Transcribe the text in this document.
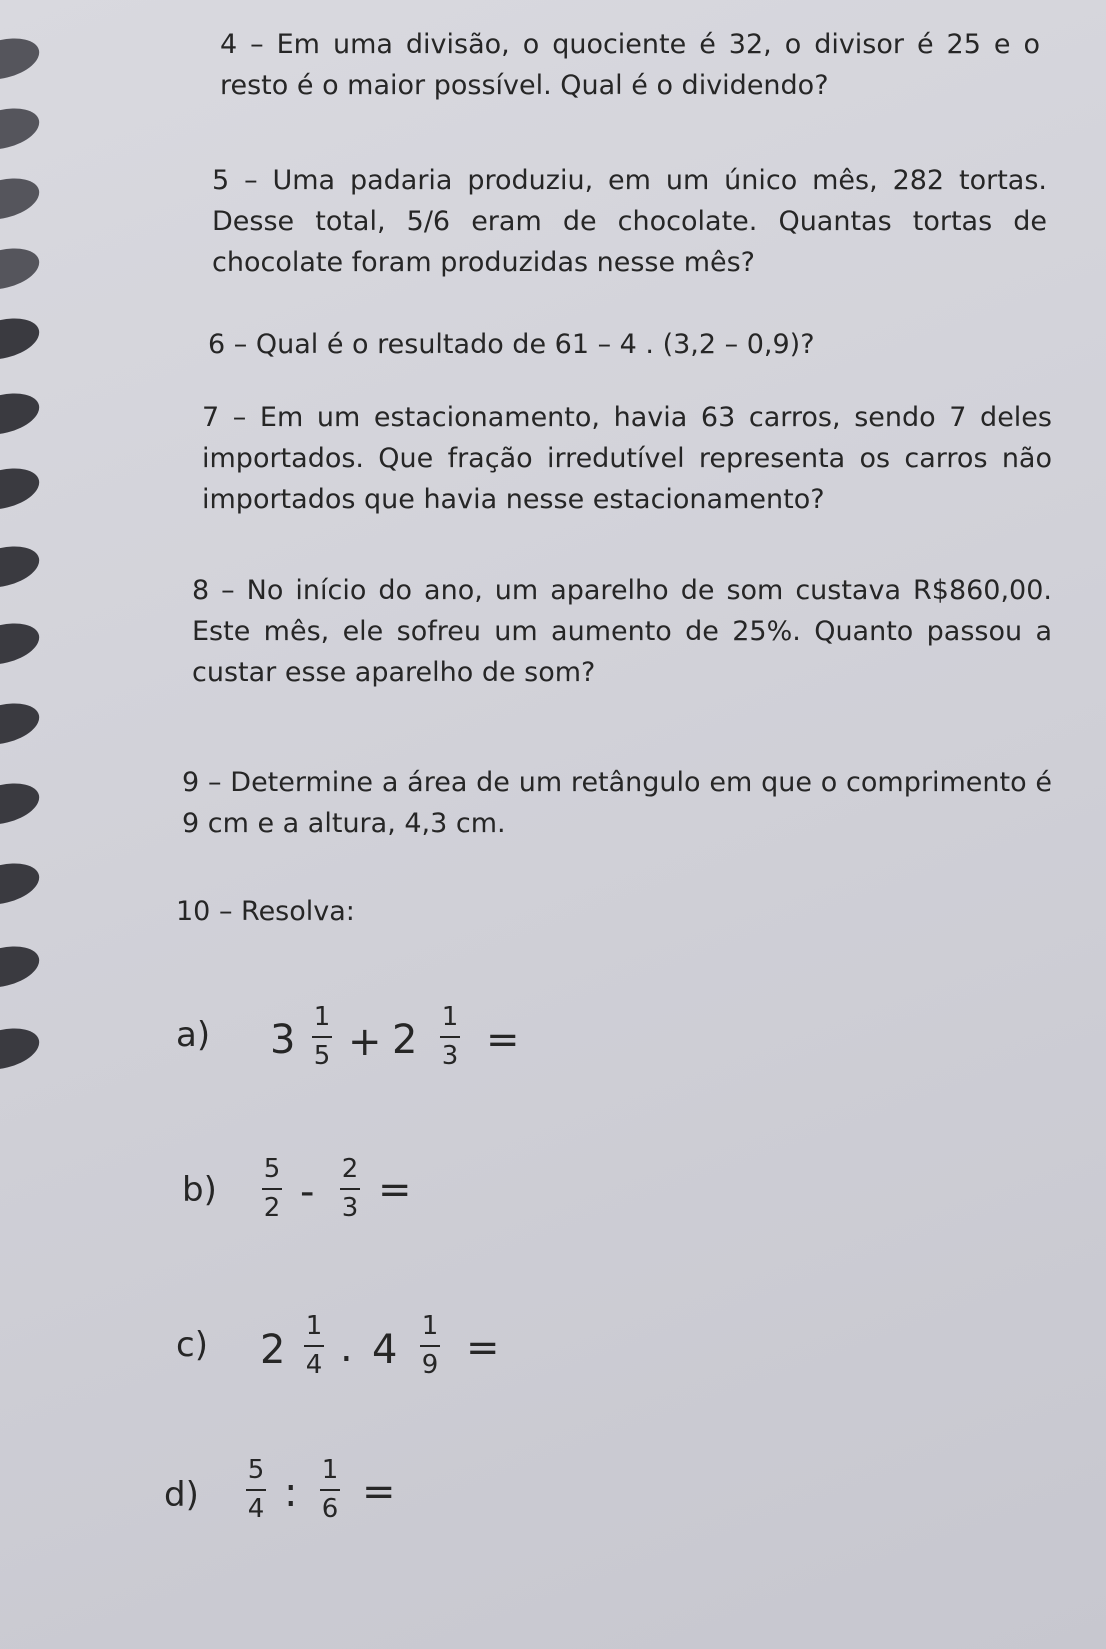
4 – Em uma divisão, o quociente é 32, o divisor é 25 e o resto é o maior possível. Qual é o dividendo?

5 – Uma padaria produziu, em um único mês, 282 tortas. Desse total, 5/6 eram de chocolate. Quantas tortas de chocolate foram produzidas nesse mês?

6 – Qual é o resultado de 61 – 4 . (3,2 – 0,9)?

7 – Em um estacionamento, havia 63 carros, sendo 7 deles importados. Que fração irredutível representa os carros não importados que havia nesse estacionamento?

8 – No início do ano, um aparelho de som custava R$860,00. Este mês, ele sofreu um aumento de 25%. Quanto passou a custar esse aparelho de som?

9 – Determine a área de um retângulo em que o comprimento é 9 cm e a altura, 4,3 cm.

10 – Resolva:

a) 3 1
5 + 2 1
3 =
b)
5
2 - 2
3 =
c) 2
1
4 . 4
1
9 =
d)
5
4 : 1
6 =
